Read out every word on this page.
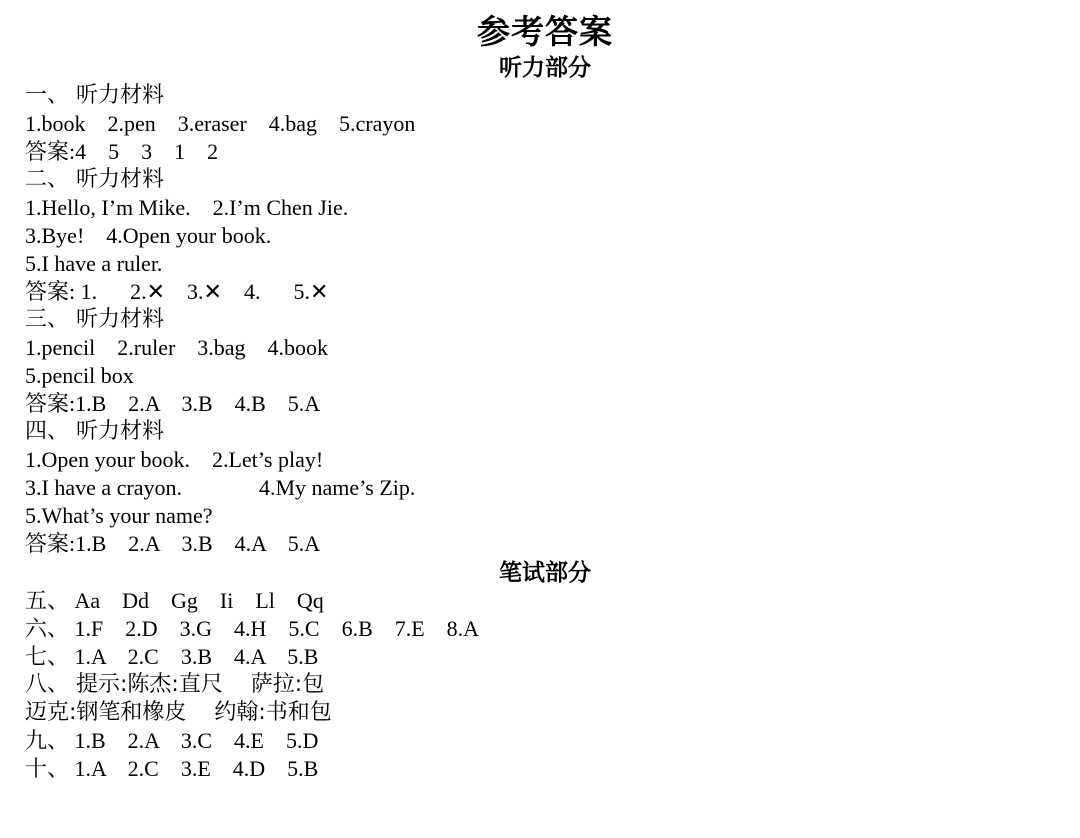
参考答案
听力部分
一、 听力材料
1.book    2.pen    3.eraser    4.bag    5.crayon
答案:4    5    3    1    2
二、 听力材料
1.Hello, I’m Mike.    2.I’m Chen Jie.
3.Bye!    4.Open your book.
5.I have a ruler.
答案: 1.      2.✕    3.✕    4.      5.✕
三、 听力材料
1.pencil    2.ruler    3.bag    4.book
5.pencil box
答案:1.B    2.A    3.B    4.B    5.A
四、 听力材料
1.Open your book.    2.Let’s play!
3.I have a crayon.              4.My name’s Zip.
5.What’s your name?
答案:1.B    2.A    3.B    4.A    5.A
笔试部分
五、 Aa    Dd    Gg    Ii    Ll    Qq
六、 1.F    2.D    3.G    4.H    5.C    6.B    7.E    8.A
七、 1.A    2.C    3.B    4.A    5.B
八、 提示:陈杰:直尺    萨拉:包
迈克:钢笔和橡皮    约翰:书和包
九、 1.B    2.A    3.C    4.E    5.D
十、 1.A    2.C    3.E    4.D    5.B
